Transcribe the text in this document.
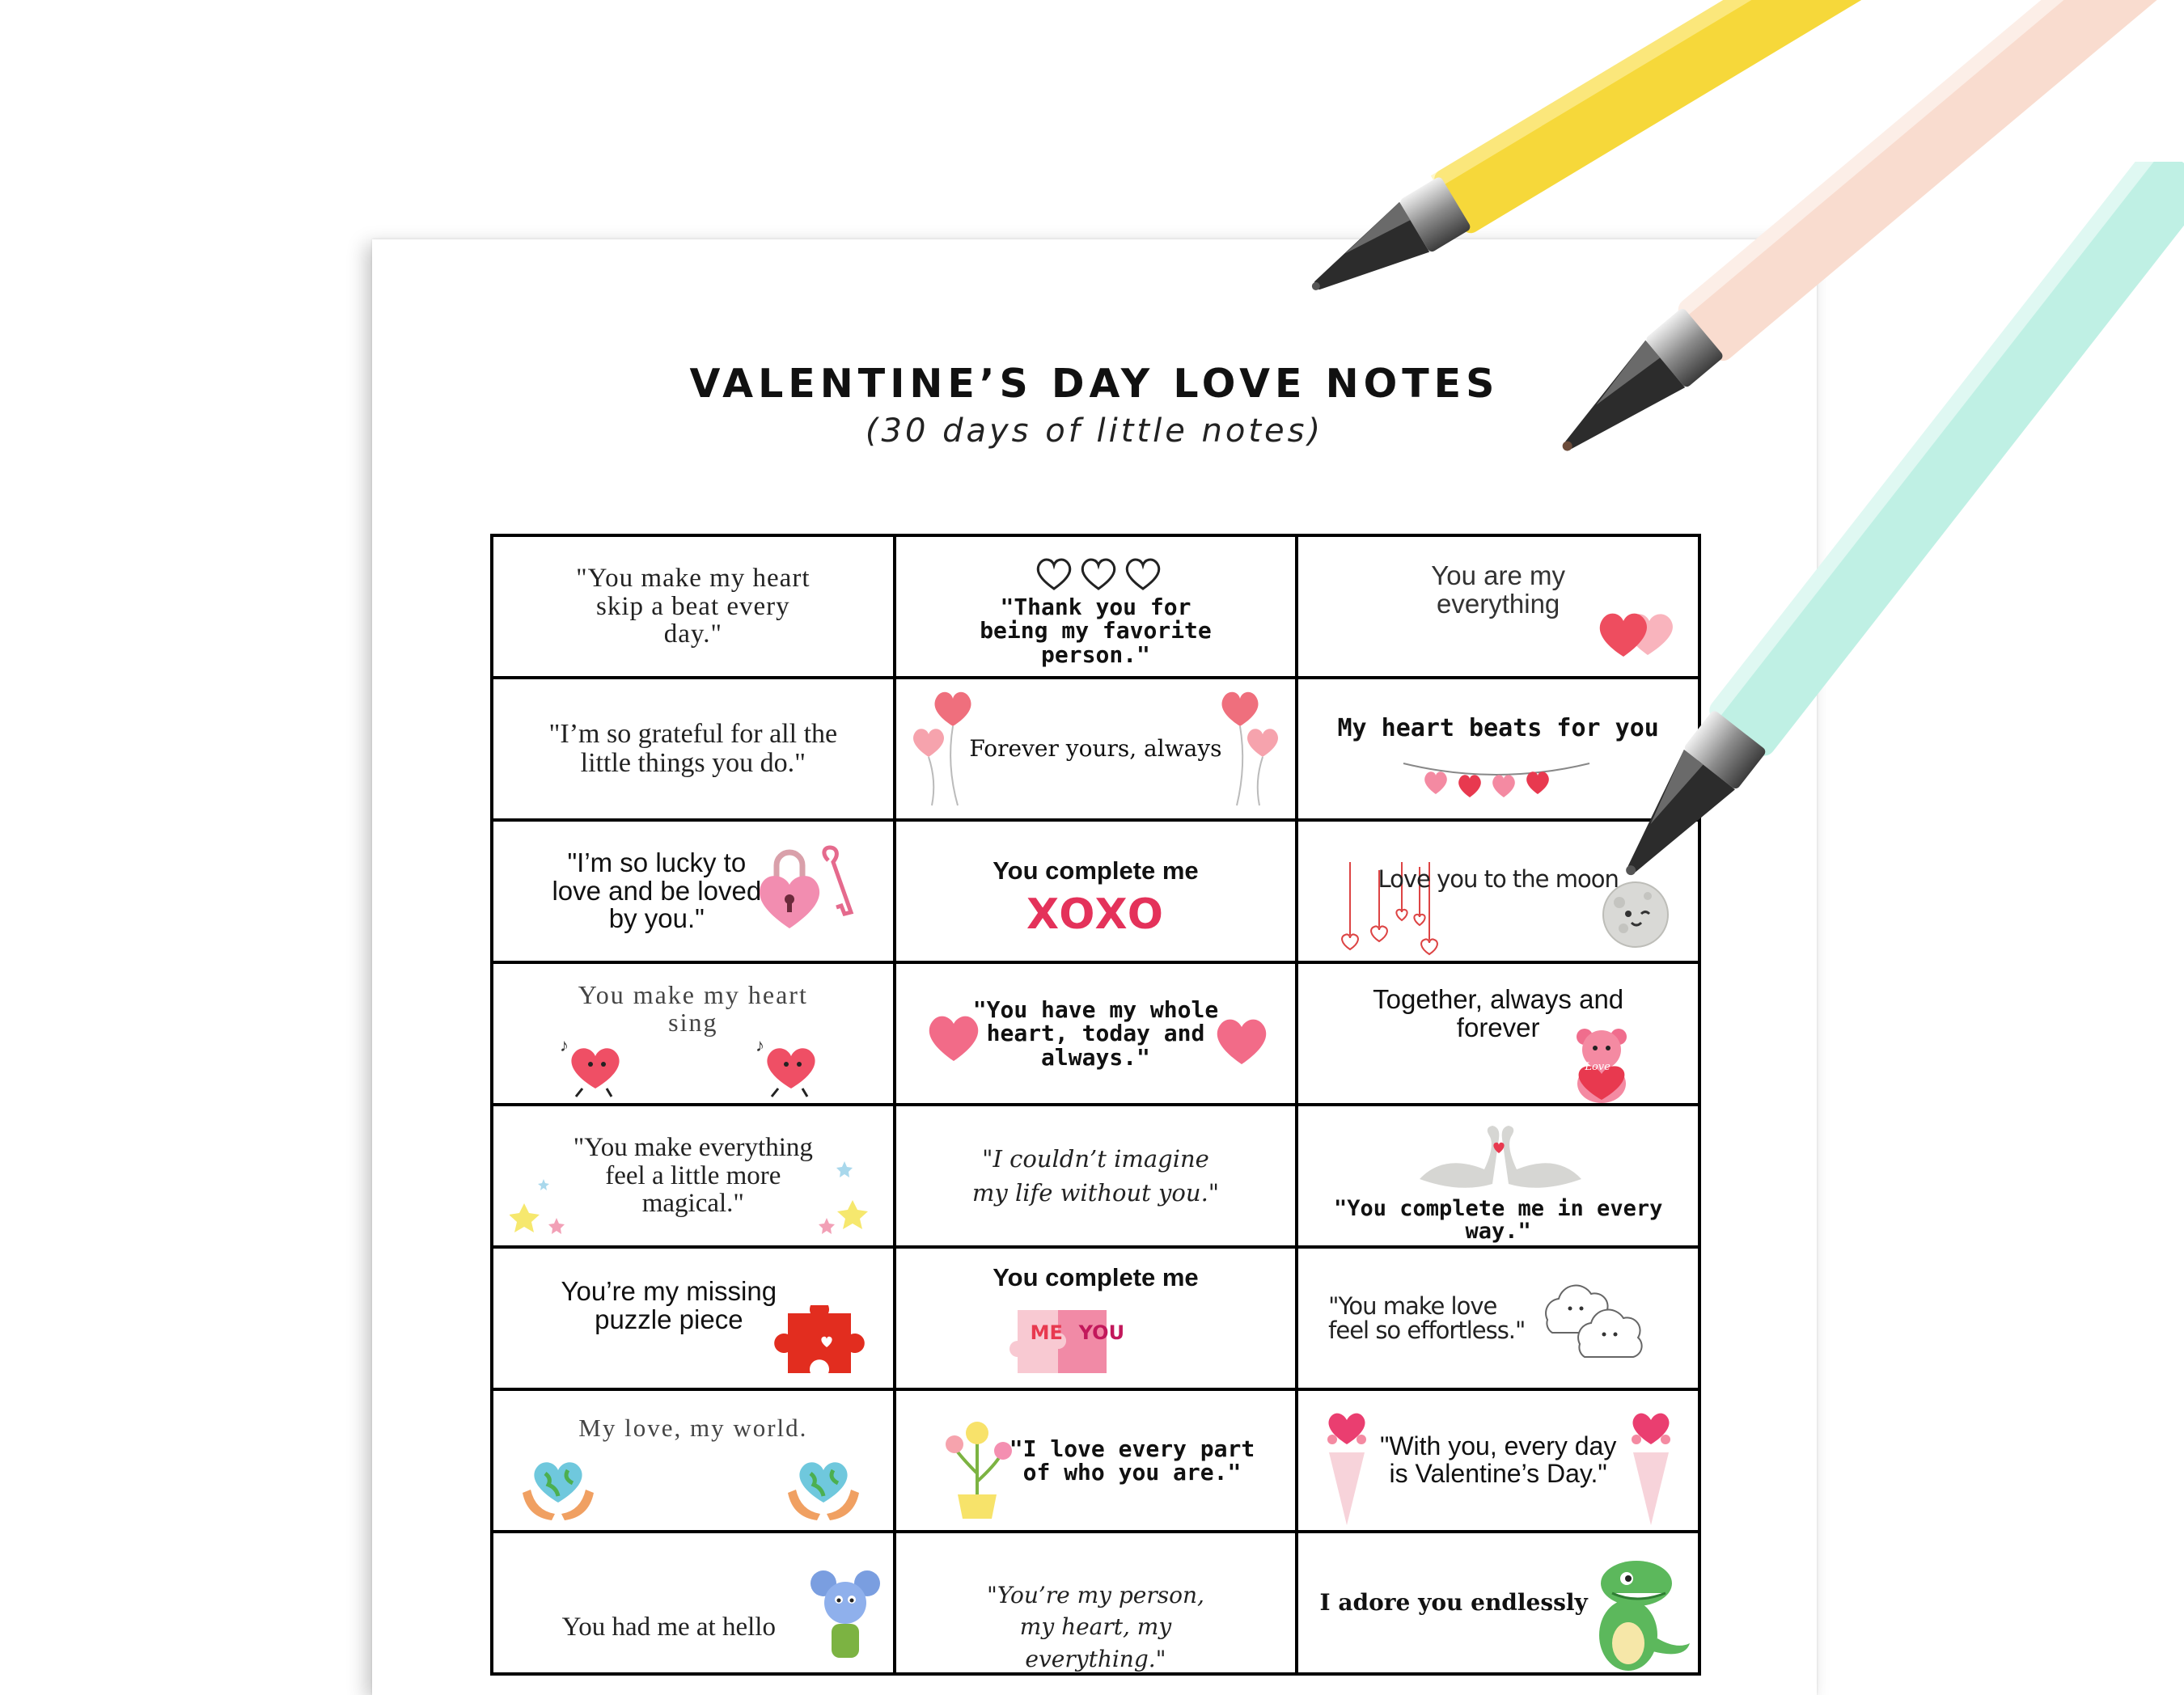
VALENTINE’S DAY LOVE NOTES
(30 days of little notes)
"You make my heart skip a beat every day."
"Thank you for being my favorite person."
You are my everything
"I’m so grateful for all the little things you do."	Forever yours, always
My heart beats for you
"I’m so lucky to love and be loved by you."
You complete me
XOXO
Love you to the moon
You make my heart sing
♪	♪
"You have my whole heart, today and always."
Together, always and forever
Love
"You make everything feel a little more magical."
"I couldn’t imagine my life without you."
"You complete me in every way."
You’re my missing puzzle piece
You complete me
ME YOU
"You make love feel so effortless."
My love, my world.
"I love every part of who you are."
"With you, every day is Valentine’s Day."
You had me at hello
"You’re my person, my heart, my everything."
I adore you endlessly
